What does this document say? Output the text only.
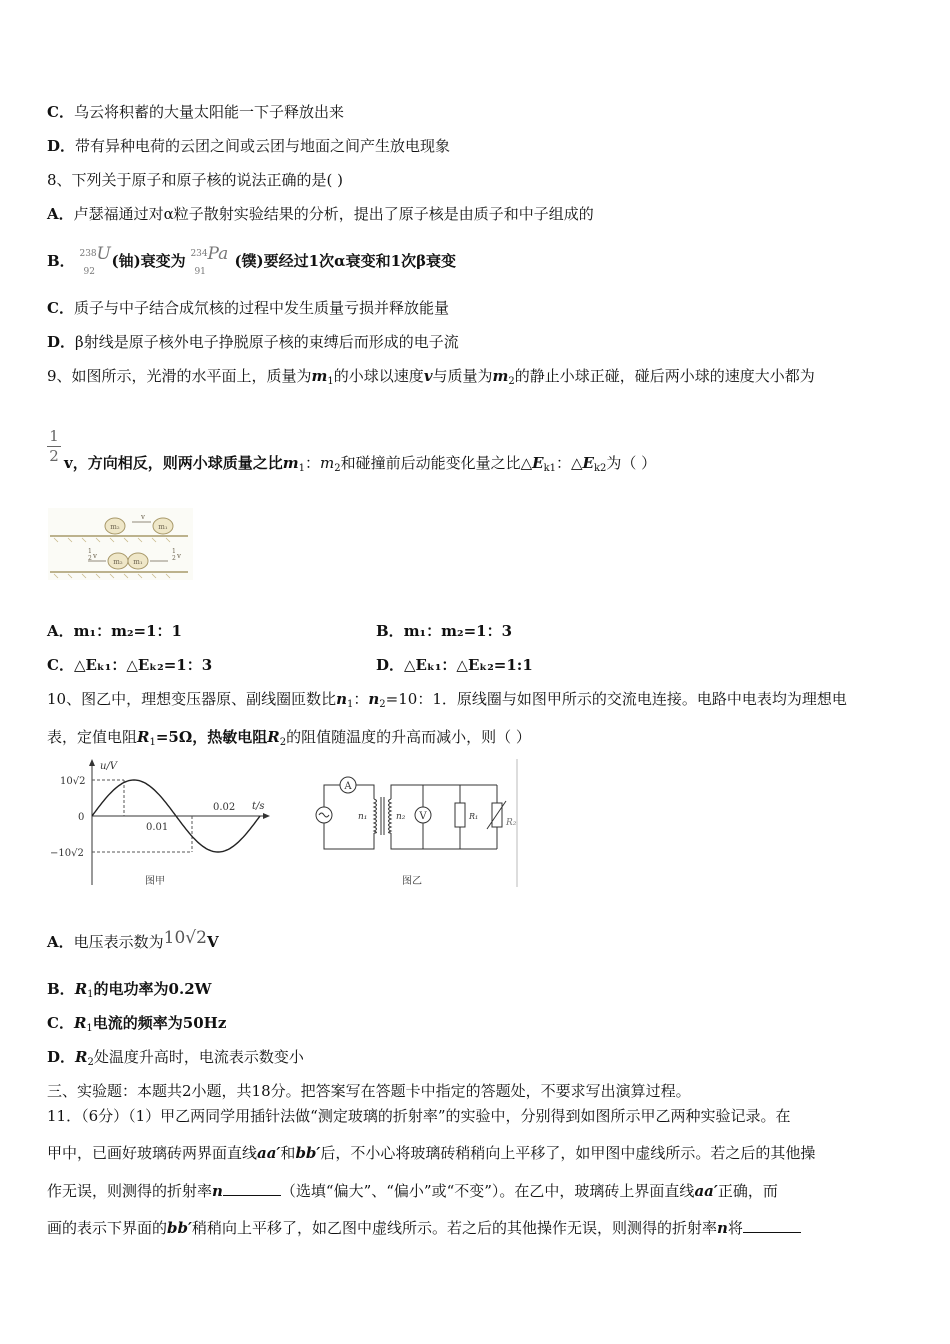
C．乌云将积蓄的大量太阳能一下子释放出来
D．带有异种电荷的云团之间或云团与地面之间产生放电现象
8、下列关于原子和原子核的说法正确的是( )
A．卢瑟福通过对α粒子散射实验结果的分析，提出了原子核是由质子和中子组成的
B． 238
92
U (铀)衰变为 234
91
Pa (镤)要经过1次α衰变和1次β衰变
C．质子与中子结合成氘核的过程中发生质量亏损并释放能量
D．β射线是原子核外电子挣脱原子核的束缚后而形成的电子流
9、如图所示，光滑的水平面上，质量为$m_1$的小球以速度v与质量为$m_2$的静止小球正碰，碰后两小球的速度大小都为
1
2 v，方向相反，则两小球质量之比$m_1$：$m_2$和碰撞前后动能变化量之比$\triangle E_{k1}$：$\triangle E_{k2}$为（ ）
m₂	m₁
v
m₂ m₁
1
2 v
1
2 v
A．m₁：m₂=1：1	B．m₁：m₂=1：3
C．△Eₖ₁：△Eₖ₂=1：3	D．△Eₖ₁：△Eₖ₂=1:1
10、图乙中，理想变压器原、副线圈匝数比$n_1$：$n_2=10$：1．原线圈与如图甲所示的交流电连接。电路中电表均为理想电
表，定值电阻$R_1=5\Omega$，热敏电阻$R_2$的阻值随温度的升高而减小，则（ ）
u/V
t/s
10√2
0
−10√2
0.01
0.02
图甲
A
n₁	n₂ V	R₁
R₂
图乙
A．电压表示数为10√2V
B．$R_1$的电功率为0.2W
C．$R_1$电流的频率为50Hz
D．$R_2$处温度升高时，电流表示数变小
三、实验题：本题共2小题，共18分。把答案写在答题卡中指定的答题处，不要求写出演算过程。
11．（6分）（1）甲乙两同学用插针法做“测定玻璃的折射率”的实验中，分别得到如图所示甲乙两种实验记录。在
甲中，已画好玻璃砖两界面直线aa′和bb′后，不小心将玻璃砖稍稍向上平移了，如甲图中虚线所示。若之后的其他操
作无误，则测得的折射率n	（选填“偏大”、“偏小”或“不变”）。在乙中，玻璃砖上界面直线aa′正确，而
画的表示下界面的bb′稍稍向上平移了，如乙图中虚线所示。若之后的其他操作无误，则测得的折射率n将
